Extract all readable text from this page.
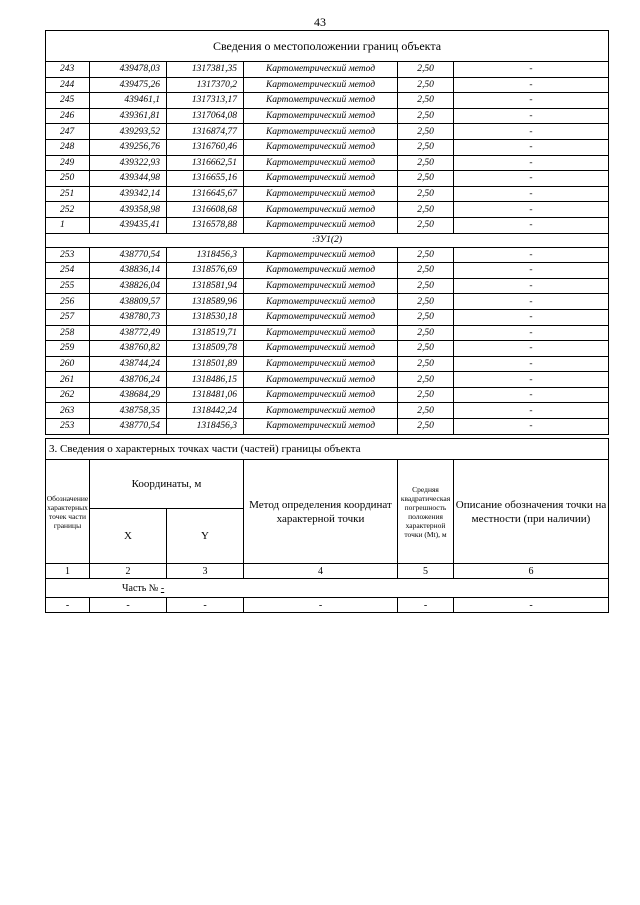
43
Сведения о местоположении границ объекта					
243	439478,03	1317381,35	Картометрический метод	2,50	-
244	439475,26	1317370,2	Картометрический метод	2,50	-
245	439461,1	1317313,17	Картометрический метод	2,50	-
246	439361,81	1317064,08	Картометрический метод	2,50	-
247	439293,52	1316874,77	Картометрический метод	2,50	-
248	439256,76	1316760,46	Картометрический метод	2,50	-
249	439322,93	1316662,51	Картометрический метод	2,50	-
250	439344,98	1316655,16	Картометрический метод	2,50	-
251	439342,14	1316645,67	Картометрический метод	2,50	-
252	439358,98	1316608,68	Картометрический метод	2,50	-
1	439435,41	1316578,88	Картометрический метод	2,50	-
:ЗУ1(2)					
253	438770,54	1318456,3	Картометрический метод	2,50	-
254	438836,14	1318576,69	Картометрический метод	2,50	-
255	438826,04	1318581,94	Картометрический метод	2,50	-
256	438809,57	1318589,96	Картометрический метод	2,50	-
257	438780,73	1318530,18	Картометрический метод	2,50	-
258	438772,49	1318519,71	Картометрический метод	2,50	-
259	438760,82	1318509,78	Картометрический метод	2,50	-
260	438744,24	1318501,89	Картометрический метод	2,50	-
261	438706,24	1318486,15	Картометрический метод	2,50	-
262	438684,29	1318481,06	Картометрический метод	2,50	-
263	438758,35	1318442,24	Картометрический метод	2,50	-
253	438770,54	1318456,3	Картометрический метод	2,50	-
3. Сведения о характерных точках части (частей) границы объекта					
Обозначение характерных точек части границы	Координаты, м		Метод определения координат характерной точки	Средняя квадратическая погрешность положения характерной точки (Mt), м	Описание обозначения точки на местности (при наличии)
	X	Y			
1	2	3	4	5	6
Часть № -					
-	-	-	-	-	-
